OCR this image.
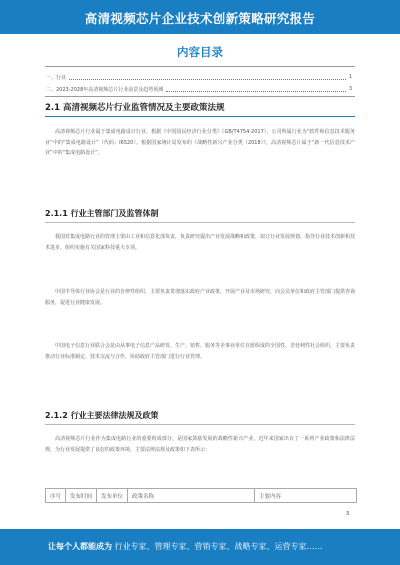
高清视频芯片企业技术创新策略研究报告
内容目录
一、行业	1
二、2023-2028年高清视频芯片行业前景及趋势预测	3
2.1 高清视频芯片行业监管情况及主要政策法规
高清视频芯片行业属于集成电路设计行业。根据《中国国民经济行业分类》（GB/T4754-2017），公司所属行业为“软件和信息技术服务业”中的“集成电路设计”（代码：I6520）。根据国家统计局发布的《战略性新兴产业分类（2018）》，高清视频芯片属于“新一代信息技术产业”中的“集成电路设计”。
2.1.1 行业主管部门及监管体制
我国对集成电路行业的管理主要由工业和信息化部负责，负责研究提出产业发展战略和政策，拟订行业发展规划，指导行业技术创新和技术进步，组织实施有关国家科技重大专项。
中国半导体行业协会是行业的自律性组织，主要负责贯彻落实政府产业政策，开展产业及市场研究，向会员单位和政府主管部门提供咨询服务，促进行业健康发展。
中国电子信息行业联合会是由从事电子信息产品研发、生产、销售、服务等企事业单位自愿组成的全国性、非营利性社会组织，主要负责推动行业标准制定、技术交流与合作，协助政府主管部门进行行业管理。
2.1.2 行业主要法律法规及政策
高清视频芯片行业作为集成电路行业的重要组成部分，是国家鼓励发展的战略性新兴产业，近年来国家出台了一系列产业政策和法律法规，为行业发展提供了良好的政策环境，主要法律法规及政策如下表所示：
序号	发布时间	发布单位	政策名称	主要内容
3
让每个人都能成为 行业专家、管理专家、营销专家、战略专家、运营专家……
